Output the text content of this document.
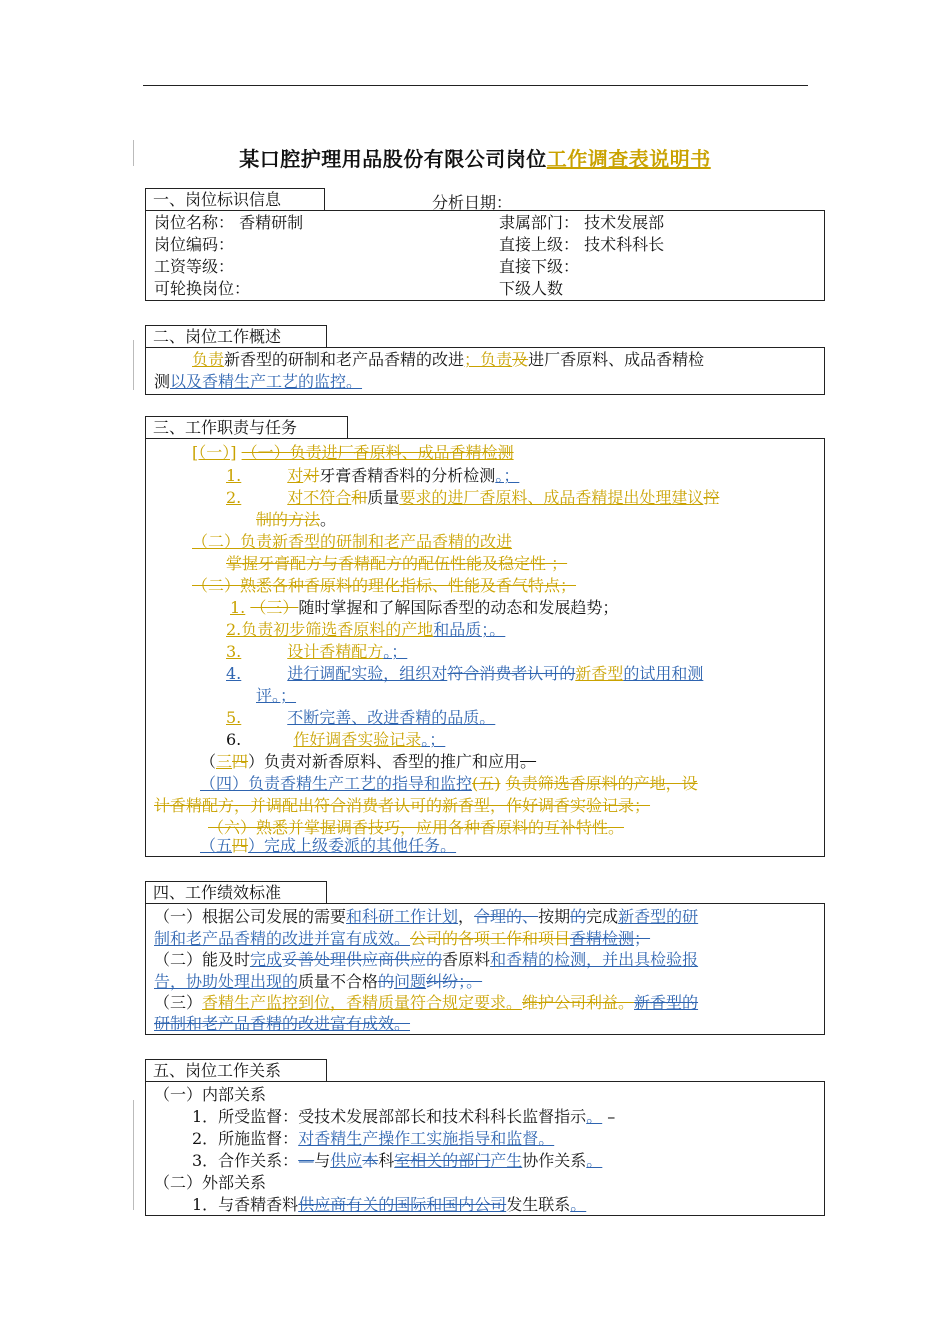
某口腔护理用品股份有限公司岗位工作调查表说明书
一、岗位标识信息	分析日期：
岗位名称： 香精研制	隶属部门： 技术发展部
岗位编码：	直接上级： 技术科科长
工资等级：	直接下级：
可轮换岗位：	下级人数
二、岗位工作概述
负责新香型的研制和老产品香精的改进；负责及进厂香原料、成品香精检
测以及香精生产工艺的监控。
三、工作职责与任务
[（一）] （一）负责进厂香原料、成品香精检测
1.	对对牙膏香精香料的分析检测。；
2.	对不符合和质量要求的进厂香原料、成品香精提出处理建议控
制的方法。
（二）负责新香型的研制和老产品香精的改进
掌握牙膏配方与香精配方的配伍性能及稳定性 ；
（二）熟悉各种香原料的理化指标、性能及香气特点；
1. （三）随时掌握和了解国际香型的动态和发展趋势；
2.负责初步筛选香原料的产地和品质；。
3.	设计香精配方。；
4.	进行调配实验，组织对符合消费者认可的新香型的试用和测
评。；
5.	不断完善、改进香精的品质。
6.	作好调香实验记录。；
（三四）负责对新香原料、香型的推广和应用。
（四）负责香精生产工艺的指导和监控(五) 负责筛选香原料的产地，设
计香精配方，并调配出符合消费者认可的新香型，作好调香实验记录；
（六）熟悉并掌握调香技巧，应用各种香原料的互补特性。
（五四）完成上级委派的其他任务。
四、工作绩效标准
（一）根据公司发展的需要和科研工作计划，合理的、按期的完成新香型的研
制和老产品香精的改进并富有成效。公司的各项工作和项目香精检测；
（二）能及时完成妥善处理供应商供应的香原料和香精的检测，并出具检验报
告，协助处理出现的质量不合格的问题纠纷；。
（三）香精生产监控到位，香精质量符合规定要求。维护公司利益。新香型的
研制和老产品香精的改进富有成效。
五、岗位工作关系
（一）内部关系
1．所受监督：受技术发展部部长和技术科科长监督指示。 –
2．所施监督：对香精生产操作工实施指导和监督。
3．合作关系：—与供应本科室相关的部门产生协作关系。
（二）外部关系
1．与香精香料供应商有关的国际和国内公司发生联系。
